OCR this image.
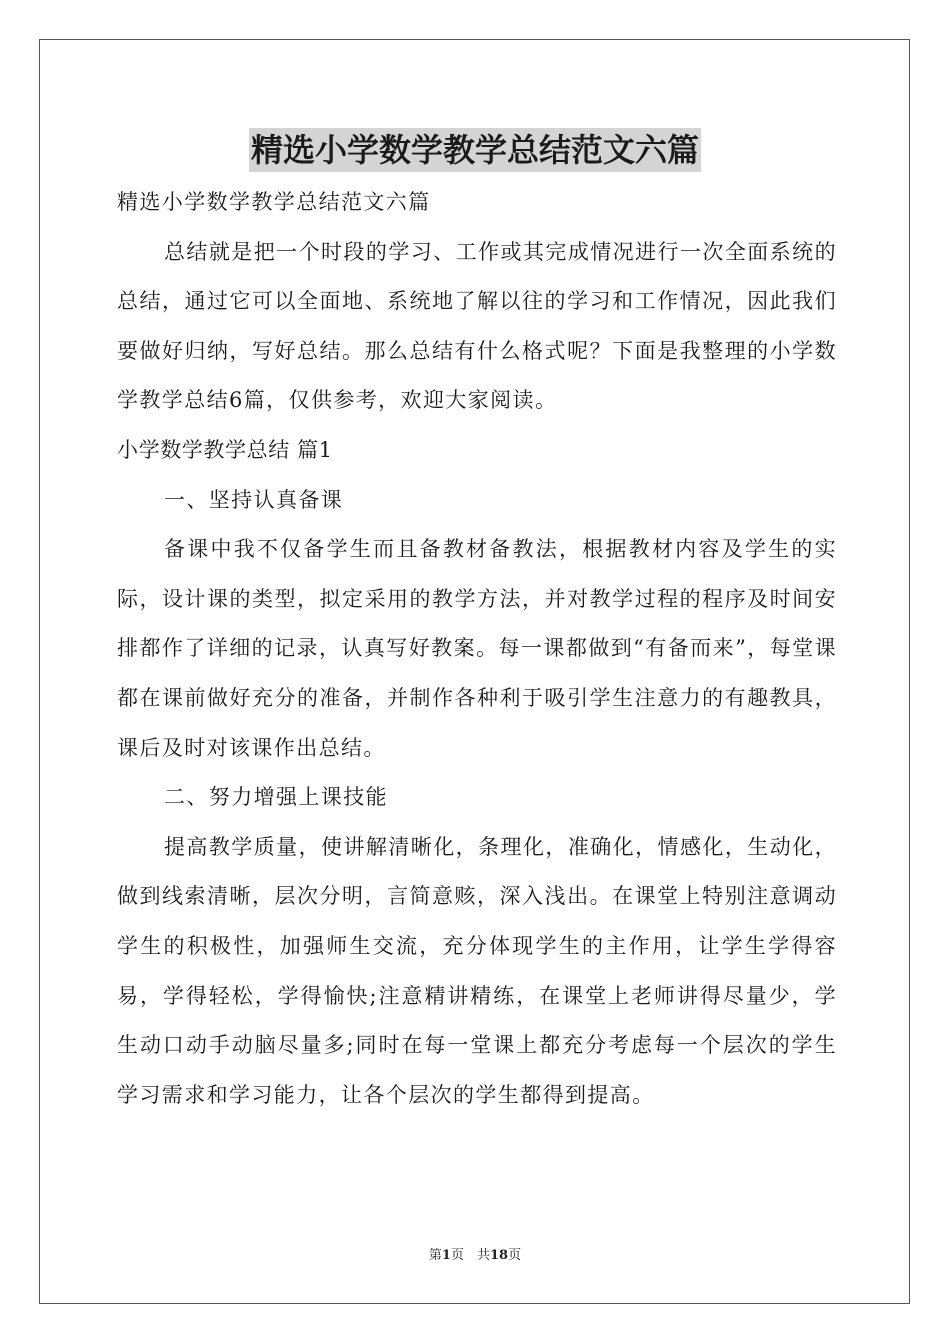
精选小学数学教学总结范文六篇

精选小学数学教学总结范文六篇

总结就是把一个时段的学习、工作或其完成情况进行一次全面系统的总结，通过它可以全面地、系统地了解以往的学习和工作情况，因此我们要做好归纳，写好总结。那么总结有什么格式呢？下面是我整理的小学数学教学总结6篇，仅供参考，欢迎大家阅读。

小学数学教学总结 篇1

一、坚持认真备课

备课中我不仅备学生而且备教材备教法，根据教材内容及学生的实际，设计课的类型，拟定采用的教学方法，并对教学过程的程序及时间安排都作了详细的记录，认真写好教案。每一课都做到“有备而来”，每堂课都在课前做好充分的准备，并制作各种利于吸引学生注意力的有趣教具，课后及时对该课作出总结。

二、努力增强上课技能

提高教学质量，使讲解清晰化，条理化，准确化，情感化，生动化，做到线索清晰，层次分明，言简意赅，深入浅出。在课堂上特别注意调动学生的积极性，加强师生交流，充分体现学生的主作用，让学生学得容易，学得轻松，学得愉快;注意精讲精练，在课堂上老师讲得尽量少，学生动口动手动脑尽量多;同时在每一堂课上都充分考虑每一个层次的学生学习需求和学习能力，让各个层次的学生都得到提高。

第1页　共18页
